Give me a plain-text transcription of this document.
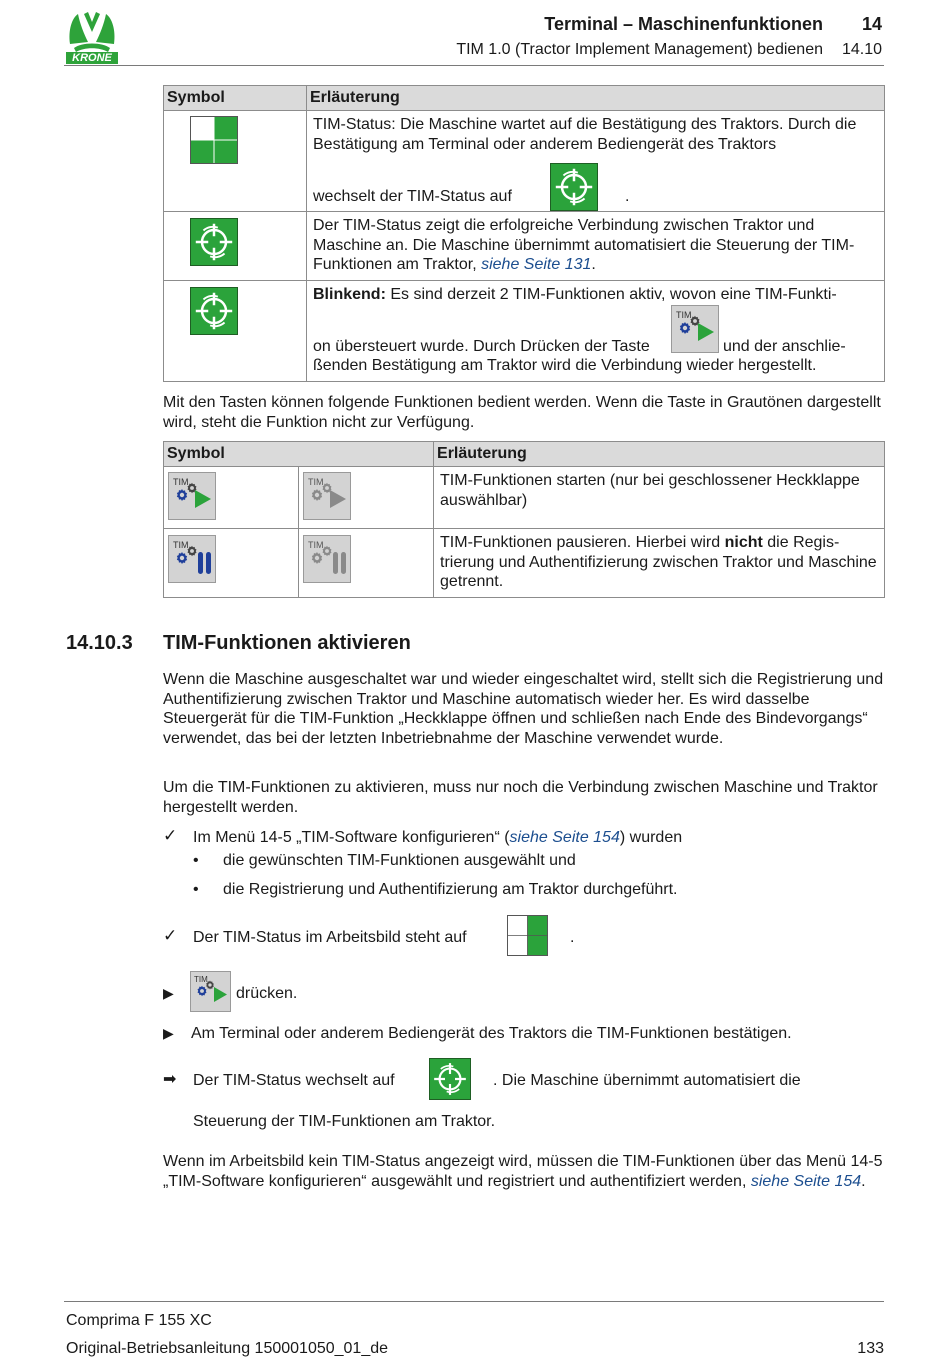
KRONE
Terminal – Maschinenfunktionen 14
TIM 1.0 (Tractor Implement Management) bedienen 14.10
Symbol	Erläuterung

	TIM-Status: Die Maschine wartet auf die Bestätigung des Traktors. Durch die Bestätigung am Terminal oder anderem Bediengerät des Traktors
wechselt der TIM-Status auf .

	Der TIM-Status zeigt die erfolgreiche Verbindung zwischen Traktor und Maschine an. Die Maschine übernimmt automatisiert die Steuerung der TIM-Funktionen am Traktor, siehe Seite 131.

	Blinkend: Es sind derzeit 2 TIM-Funktionen aktiv, wovon eine TIM-Funkti-
on übersteuert wurde. Durch Drücken der Taste
TIM
und der anschlie-
ßenden Bestätigung am Traktor wird die Verbindung wieder hergestellt.
Mit den Tasten können folgende Funktionen bedient werden. Wenn die Taste in Grautönen dargestellt wird, steht die Funktion nicht zur Verfügung.
Symbol		Erläuterung

TIM	TIM	TIM-Funktionen starten (nur bei geschlossener Heckklappe auswählbar)

TIM	TIM	TIM-Funktionen pausieren. Hierbei wird nicht die Registrierung und Authentifizierung zwischen Traktor und Maschine getrennt.
14.10.3 TIM-Funktionen aktivieren
Wenn die Maschine ausgeschaltet war und wieder eingeschaltet wird, stellt sich die Registrierung und Authentifizierung zwischen Traktor und Maschine automatisch wieder her. Es wird dasselbe Steuergerät für die TIM-Funktion „Heckklappe öffnen und schließen nach Ende des Bindevorgangs“ verwendet, das bei der letzten Inbetriebnahme der Maschine verwendet wurde.
Um die TIM-Funktionen zu aktivieren, muss nur noch die Verbindung zwischen Maschine und Traktor hergestellt werden.
✓ Im Menü 14-5 „TIM-Software konfigurieren“ (siehe Seite 154) wurden
• die gewünschten TIM-Funktionen ausgewählt und
• die Registrierung und Authentifizierung am Traktor durchgeführt.
✓ Der TIM-Status im Arbeitsbild steht auf	.
▶
TIM
drücken.
▶ Am Terminal oder anderem Bediengerät des Traktors die TIM-Funktionen bestätigen.
➡ Der TIM-Status wechselt auf	. Die Maschine übernimmt automatisiert die
Steuerung der TIM-Funktionen am Traktor.
Wenn im Arbeitsbild kein TIM-Status angezeigt wird, müssen die TIM-Funktionen über das Menü 14-5 „TIM-Software konfigurieren“ ausgewählt und registriert und authentifiziert werden, siehe Seite 154.
Comprima F 155 XC
Original-Betriebsanleitung 150001050_01_de	133
